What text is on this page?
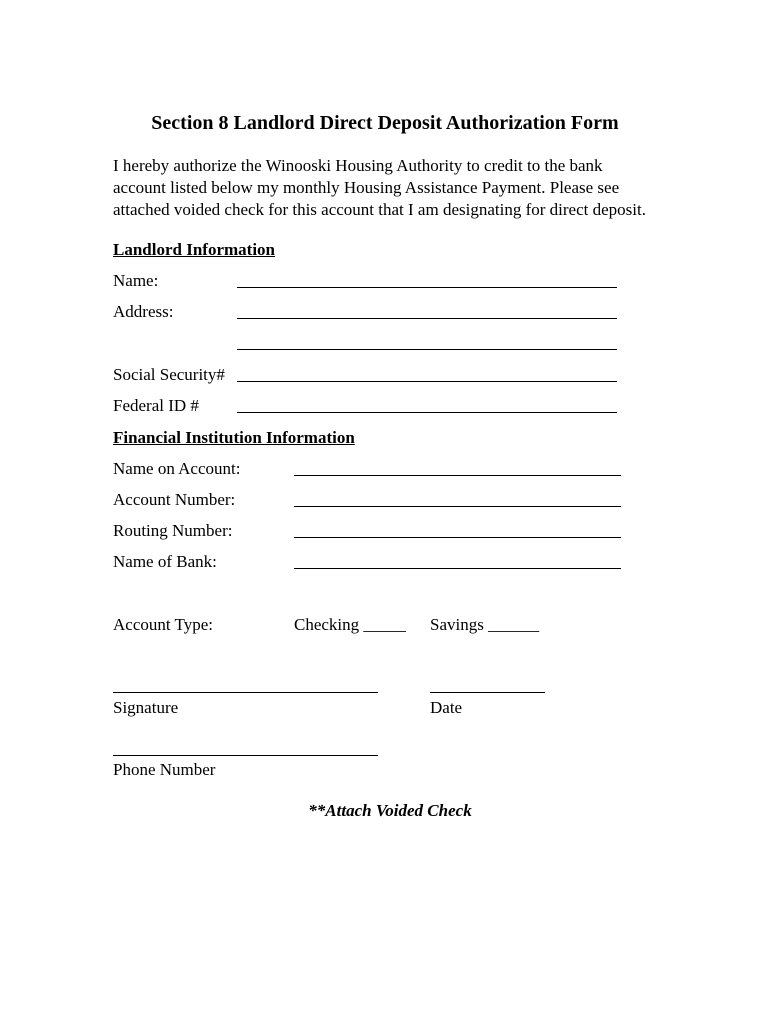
Section 8 Landlord Direct Deposit Authorization Form
I hereby authorize the Winooski Housing Authority to credit to the bank
account listed below my monthly Housing Assistance Payment. Please see
attached voided check for this account that I am designating for direct deposit.
Landlord Information
Name:
Address:
Social Security#
Federal ID #
Financial Institution Information
Name on Account:
Account Number:
Routing Number:
Name of Bank:
Account Type:	Checking _____ Savings ______
Signature	Date
Phone Number
**Attach Voided Check
